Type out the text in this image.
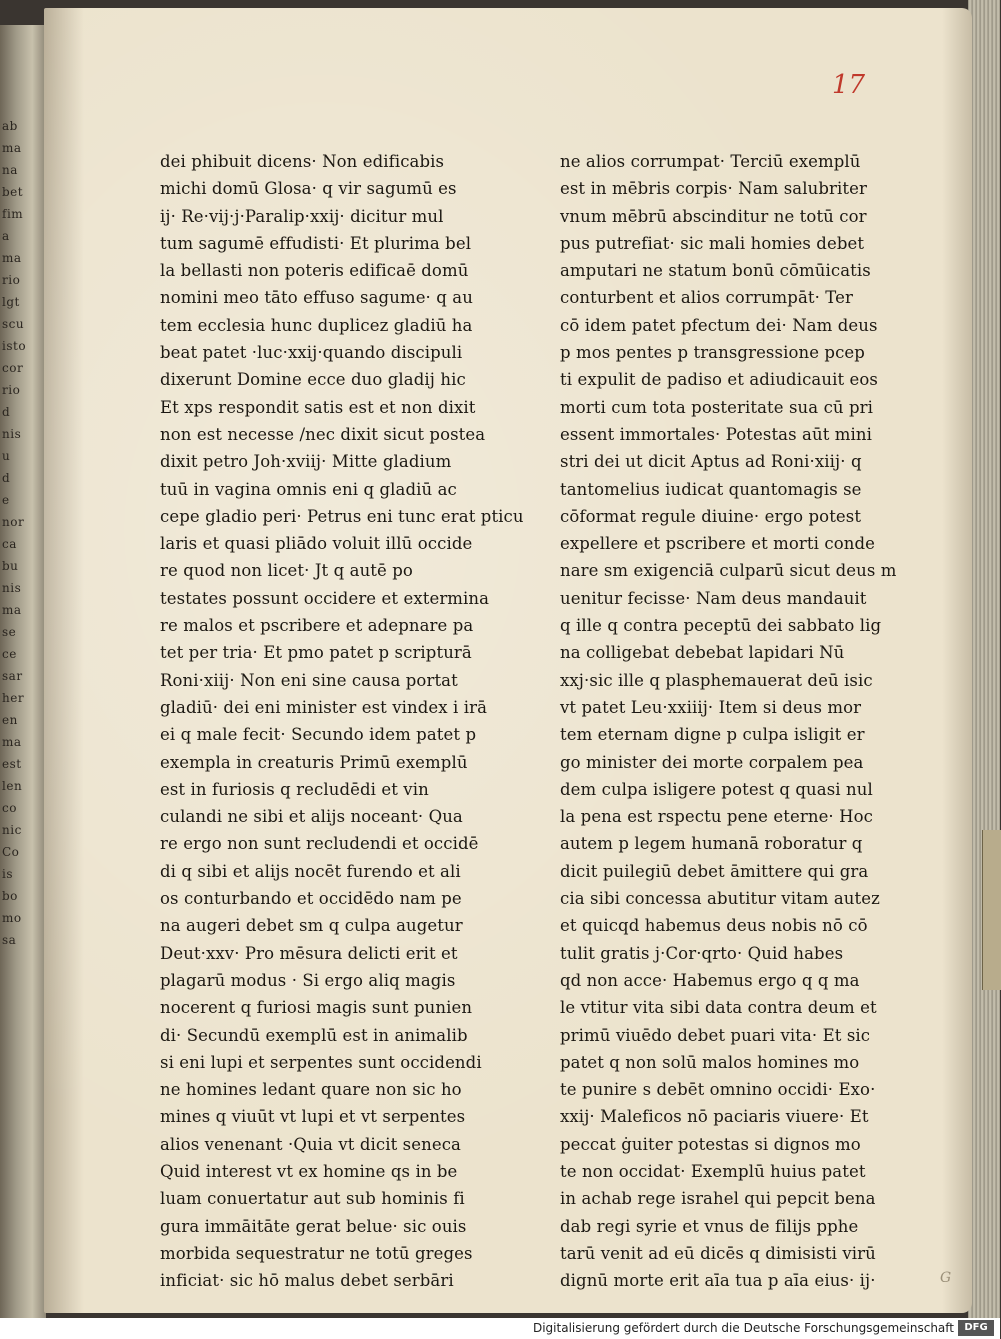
ab
ma
na
bet
fim
a
ma
rio
lgt
scu
isto
cor
rio
d
nis
u
d
e
nor
ca
bu
nis
ma
se
ce
sar
her
en
ma
est
len
co
nic
Co
is
bo
mo
sa
17
dei phibuit dicens· Non edificabis
michi domū Glosa· q vir sagumū es
ij· Re·vij·j·Paralip·xxij· dicitur mul
tum sagumē effudisti· Et plurima bel
la bellasti non poteris edificaē domū
nomini meo tāto effuso sagume· q au
tem ecclesia hunc duplicez gladiū ha
beat patet ·luc·xxij·quando discipuli
dixerunt Domine ecce duo gladij hic
Et xps respondit satis est et non dixit
non est necesse /nec dixit sicut postea
dixit petro Joh·xviij· Mitte gladium
tuū in vagina omnis eni q gladiū ac
cepe gladio peri· Petrus eni tunc erat pticu
laris et quasi pliādo voluit illū occide
re quod non licet· Jt q autē po
testates possunt occidere et extermina
re malos et pscribere et adepnare pa
tet per tria· Et pmo patet p scripturā
Roni·xiij· Non eni sine causa portat
gladiū· dei eni minister est vindex i irā
ei q male fecit· Secundo idem patet p
exempla in creaturis Primū exemplū
est in furiosis q recludēdi et vin
culandi ne sibi et alijs noceant· Qua
re ergo non sunt recludendi et occidē
di q sibi et alijs nocēt furendo et ali
os conturbando et occidēdo nam pe
na augeri debet sm q culpa augetur
Deut·xxv· Pro mēsura delicti erit et
plagarū modus · Si ergo aliq magis
nocerent q furiosi magis sunt punien
di· Secundū exemplū est in animalib
si eni lupi et serpentes sunt occidendi
ne homines ledant quare non sic ho
mines q viuūt vt lupi et vt serpentes
alios venenant ·Quia vt dicit seneca
Quid interest vt ex homine qs in be
luam conuertatur aut sub hominis fi
gura immāitāte gerat belue· sic ouis
morbida sequestratur ne totū greges
inficiat· sic hō malus debet serbāri
ne alios corrumpat· Terciū exemplū
est in mēbris corpis· Nam salubriter
vnum mēbrū abscinditur ne totū cor
pus putrefiat· sic mali homies debet
amputari ne statum bonū cōmūicatis
conturbent et alios corrumpāt· Ter
cō idem patet pfectum dei· Nam deus
p mos pentes p transgressione pcep
ti expulit de padiso et adiudicauit eos
morti cum tota posteritate sua cū pri
essent immortales· Potestas aūt mini
stri dei ut dicit Aptus ad Roni·xiij· q
tantomelius iudicat quantomagis se
cōformat regule diuine· ergo potest
expellere et pscribere et morti conde
nare sm exigenciā culparū sicut deus m
uenitur fecisse· Nam deus mandauit
q ille q contra peceptū dei sabbato lig
na colligebat debebat lapidari Nū
xxj·sic ille q plasphemauerat deū isic
vt patet Leu·xxiiij· Item si deus mor
tem eternam digne p culpa isligit er
go minister dei morte corpalem pea
dem culpa isligere potest q quasi nul
la pena est rspectu pene eterne· Hoc
autem p legem humanā roboratur q
dicit puilegiū debet āmittere qui gra
cia sibi concessa abutitur vitam autez
et quicqd habemus deus nobis nō cō
tulit gratis j·Cor·qrto· Quid habes
qd non acce· Habemus ergo q q ma
le vtitur vita sibi data contra deum et
primū viuēdo debet puari vita· Et sic
patet q non solū malos homines mo
te punire s debēt omnino occidi· Exo·
xxij· Maleficos nō paciaris viuere· Et
peccat ġuiter potestas si dignos mo
te non occidat· Exemplū huius patet
in achab rege israhel qui pepcit bena
dab regi syrie et vnus de filijs pphe
tarū venit ad eū dicēs q dimisisti virū
dignū morte erit aīa tua p aīa eius· ij·	G
Digitalisierung gefördert durch die Deutsche Forschungsgemeinschaft	DFG
